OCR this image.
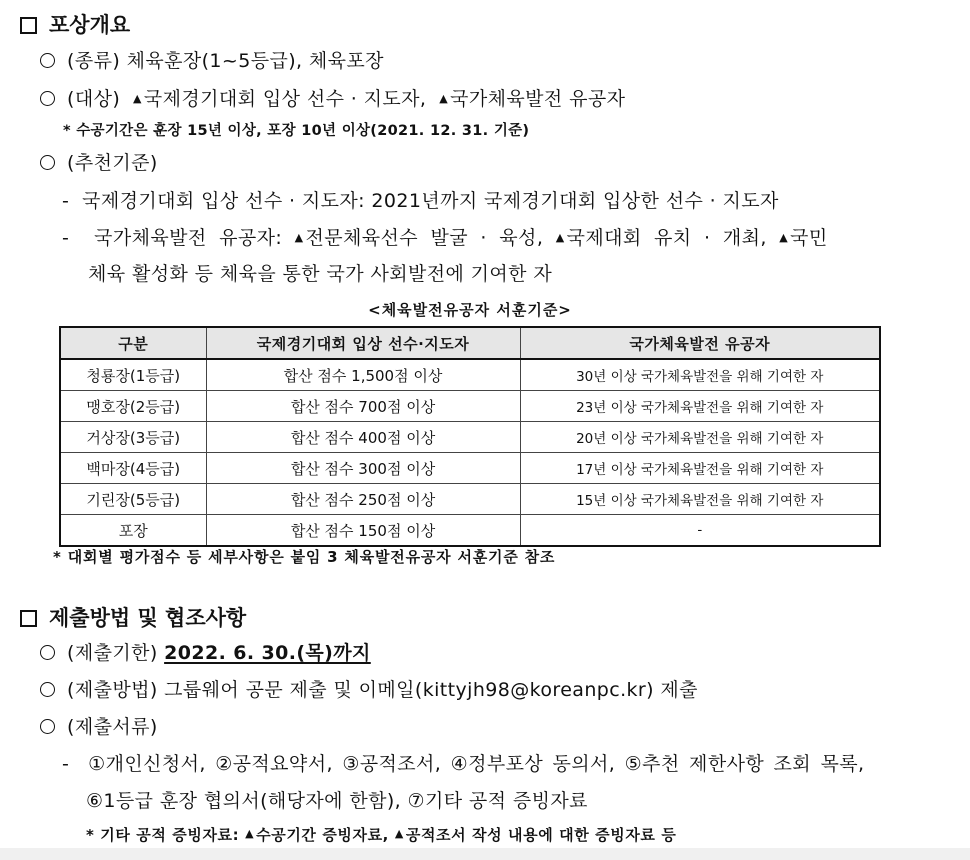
포상개요
(종류) 체육훈장(1~5등급), 체육포장
(대상) ▲ 국제경기대회 입상 선수 · 지도자, ▲ 국가체육발전 유공자
* 수공기간은 훈장 15년 이상, 포장 10년 이상(2021. 12. 31. 기준)
(추천기준)
- 국제경기대회 입상 선수 · 지도자: 2021년까지 국제경기대회 입상한 선수 · 지도자
- 국가체육발전 유공자: ▲ 전문체육선수 발굴 · 육성, ▲ 국제대회 유치 · 개최, ▲ 국민
체육 활성화 등 체육을 통한 국가 사회발전에 기여한 자
<체육발전유공자 서훈기준>
구분	국제경기대회 입상 선수·지도자	국가체육발전 유공자
청룡장(1등급)	합산 점수 1,500점 이상	30년 이상 국가체육발전을 위해 기여한 자
맹호장(2등급)	합산 점수 700점 이상	23년 이상 국가체육발전을 위해 기여한 자
거상장(3등급)	합산 점수 400점 이상	20년 이상 국가체육발전을 위해 기여한 자
백마장(4등급)	합산 점수 300점 이상	17년 이상 국가체육발전을 위해 기여한 자
기린장(5등급)	합산 점수 250점 이상	15년 이상 국가체육발전을 위해 기여한 자
포장	합산 점수 150점 이상	-
* 대회별 평가점수 등 세부사항은 붙임 3 체육발전유공자 서훈기준 참조
제출방법 및 협조사항
(제출기한) 2022. 6. 30.(목)까지
(제출방법) 그룹웨어 공문 제출 및 이메일(kittyjh98@koreanpc.kr) 제출
(제출서류)
- ①개인신청서, ②공적요약서, ③공적조서, ④정부포상 동의서, ⑤추천 제한사항 조회 목록,
⑥1등급 훈장 협의서(해당자에 한함), ⑦기타 공적 증빙자료
* 기타 공적 증빙자료: ▲ 수공기간 증빙자료, ▲ 공적조서 작성 내용에 대한 증빙자료 등
